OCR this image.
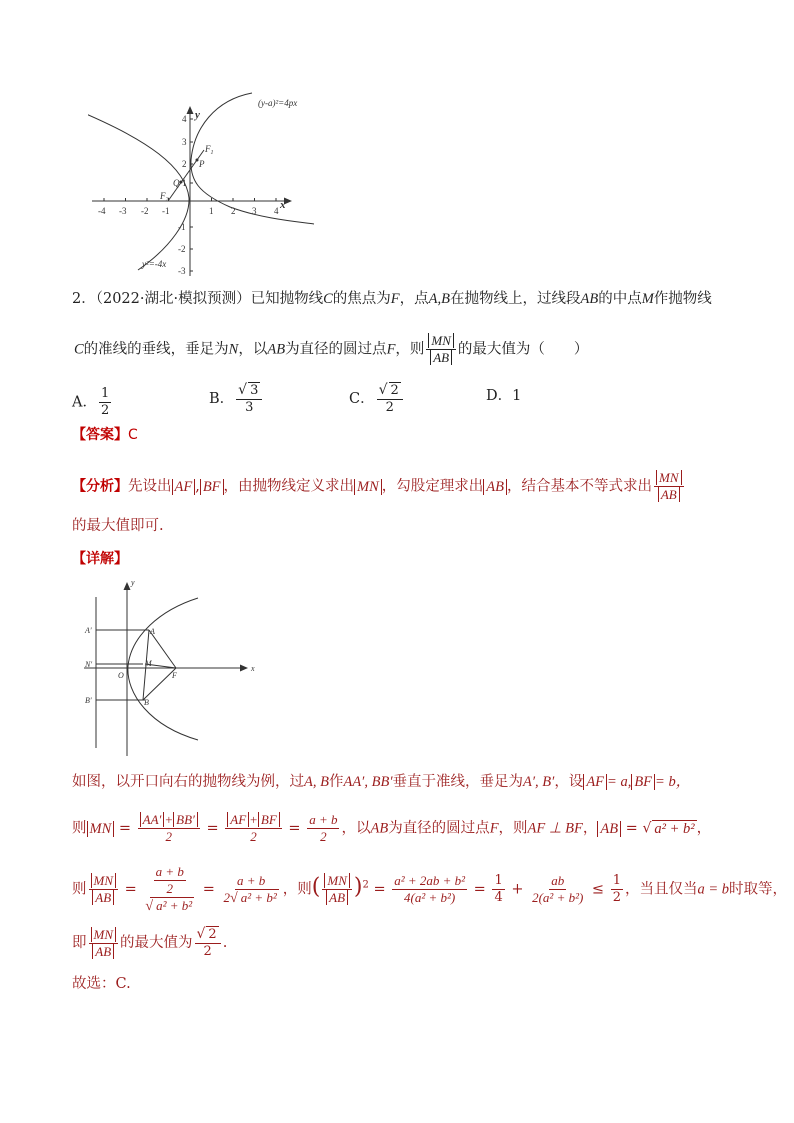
-4 -3 -2 -1	1 2 3 4
4
3
2
1
-1
-2
-3
(y-a)²=4px
y²=-4x
y
x
$F_1$
$F_2$
P
Q
2．（2022·湖北·模拟预测）已知抛物线C的焦点为F，点A,B在抛物线上，过线段AB的中点M作抛物线
C的准线的垂线，垂足为N，以AB为直径的圆过点F，则 $\frac{MN}{AB}$ 的最大值为（　　）
A． $\frac{1}{2}$	B． $\frac{√ 3}{3}$	C． $\frac{√ 2}{2}$	D．1
【答案】C
【分析】先设出 AF , BF ，由抛物线定义求出 MN ，勾股定理求出 AB ，结合基本不等式求出 $\frac{MN}{AB}$
的最大值即可.
【详解】
A′
N′
B′
A
M
O	F
B
x
y
如图，以开口向右的抛物线为例，过A, B作AA′, BB′垂直于准线，垂足为A′, B′，设 AF = a, BF = b，
则 MN = $\frac{AA' + BB'}{2} = \frac{AF + BF}{2} = \frac{a + b}{2}$ ，以AB为直径的圆过点F，则AF ⊥ BF， AB = √ a² + b² ，
则 $\frac{MN}{AB} = \frac{\frac{a + b}{2}}{\text{√ a² + b²}} = \frac{a + b}{\text{2√ a² + b²}}$ ，则( $\frac{MN}{AB} )^2 = \frac{\text{a² + 2ab + b²}}{\text{4(a² + b²)}} = \frac{1}{4} + \frac{ab}{\text{2(a² + b²)}} \le \frac{1}{2}$ ，当且仅当a = b时取等，
即 $\frac{MN}{AB}$ 的最大值为 $\frac{√ 2}{2}$ .
故选：C.
